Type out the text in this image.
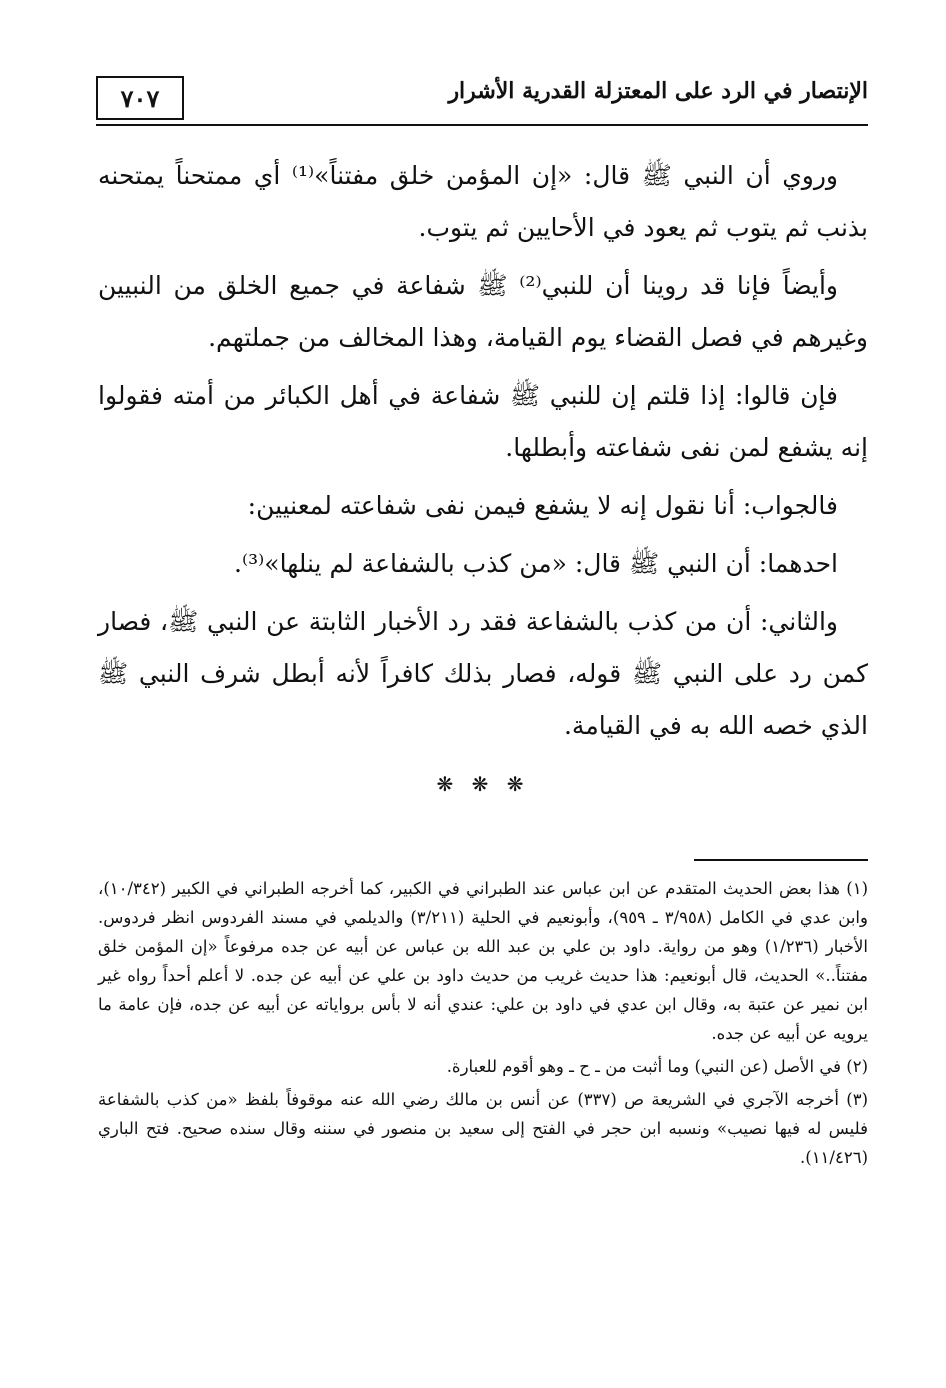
٧٠٧	الإنتصار في الرد على المعتزلة القدرية الأشرار

وروي أن النبي ﷺ قال: «إن المؤمن خلق مفتناً»⁽¹⁾ أي ممتحناً يمتحنه بذنب ثم يتوب ثم يعود في الأحايين ثم يتوب.

وأيضاً فإنا قد روينا أن للنبي⁽²⁾ ﷺ شفاعة في جميع الخلق من النبيين وغيرهم في فصل القضاء يوم القيامة، وهذا المخالف من جملتهم.

فإن قالوا: إذا قلتم إن للنبي ﷺ شفاعة في أهل الكبائر من أمته فقولوا إنه يشفع لمن نفى شفاعته وأبطلها.

فالجواب: أنا نقول إنه لا يشفع فيمن نفى شفاعته لمعنيين:

احدهما: أن النبي ﷺ قال: «من كذب بالشفاعة لم ينلها»⁽³⁾.

والثاني: أن من كذب بالشفاعة فقد رد الأخبار الثابتة عن النبي ﷺ، فصار كمن رد على النبي ﷺ قوله، فصار بذلك كافراً لأنه أبطل شرف النبي ﷺ الذي خصه الله به في القيامة.

❋ ❋ ❋

(١) هذا بعض الحديث المتقدم عن ابن عباس عند الطبراني في الكبير، كما أخرجه الطبراني في الكبير (١٠/٣٤٢)، وابن عدي في الكامل (٣/٩٥٨ ـ ٩٥٩)، وأبونعيم في الحلية (٣/٢١١) والديلمي في مسند الفردوس انظر فردوس. الأخبار (١/٢٣٦) وهو من رواية. داود بن علي بن عبد الله بن عباس عن أبيه عن جده مرفوعاً «إن المؤمن خلق مفتناً..» الحديث، قال أبونعيم: هذا حديث غريب من حديث داود بن علي عن أبيه عن جده. لا أعلم أحداً رواه غير ابن نمير عن عتبة به، وقال ابن عدي في داود بن علي: عندي أنه لا بأس برواياته عن أبيه عن جده، فإن عامة ما يرويه عن أبيه عن جده.

(٢) في الأصل (عن النبي) وما أثبت من ـ ح ـ وهو أقوم للعبارة.

(٣) أخرجه الآجري في الشريعة ص (٣٣٧) عن أنس بن مالك رضي الله عنه موقوفاً بلفظ «من كذب بالشفاعة فليس له فيها نصيب» ونسبه ابن حجر في الفتح إلى سعيد بن منصور في سننه وقال سنده صحيح. فتح الباري (١١/٤٢٦).
